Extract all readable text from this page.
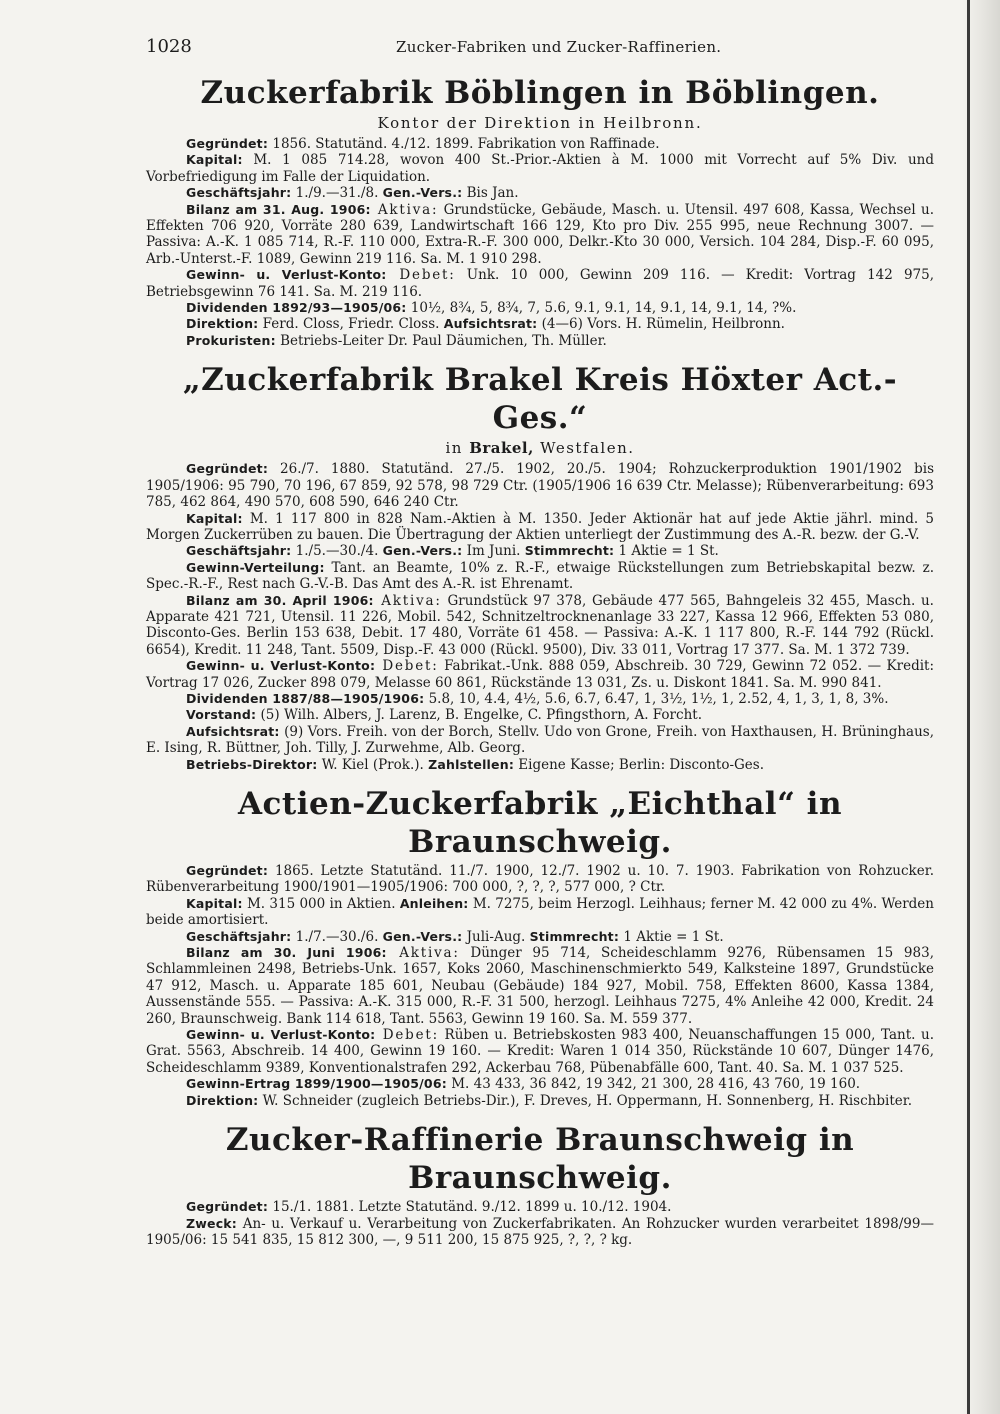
1028	Zucker-Fabriken und Zucker-Raffinerien.
Zuckerfabrik Böblingen in Böblingen.
Kontor der Direktion in Heilbronn.

Gegründet: 1856. Statutänd. 4./12. 1899. Fabrikation von Raffinade.

Kapital: M. 1 085 714.28, wovon 400 St.-Prior.-Aktien à M. 1000 mit Vorrecht auf 5% Div. und Vorbefriedigung im Falle der Liquidation.

Geschäftsjahr: 1./9.—31./8. Gen.-Vers.: Bis Jan.

Bilanz am 31. Aug. 1906: Aktiva: Grundstücke, Gebäude, Masch. u. Utensil. 497 608, Kassa, Wechsel u. Effekten 706 920, Vorräte 280 639, Landwirtschaft 166 129, Kto pro Div. 255 995, neue Rechnung 3007. — Passiva: A.-K. 1 085 714, R.-F. 110 000, Extra-R.-F. 300 000, Delkr.-Kto 30 000, Versich. 104 284, Disp.-F. 60 095, Arb.-Unterst.-F. 1089, Gewinn 219 116. Sa. M. 1 910 298.

Gewinn- u. Verlust-Konto: Debet: Unk. 10 000, Gewinn 209 116. — Kredit: Vortrag 142 975, Betriebsgewinn 76 141. Sa. M. 219 116.

Dividenden 1892/93—1905/06: 10½, 8¾, 5, 8¾, 7, 5.6, 9.1, 9.1, 14, 9.1, 14, 9.1, 14, ?%.

Direktion: Ferd. Closs, Friedr. Closs. Aufsichtsrat: (4—6) Vors. H. Rümelin, Heilbronn.

Prokuristen: Betriebs-Leiter Dr. Paul Däumichen, Th. Müller.

„Zuckerfabrik Brakel Kreis Höxter Act.-Ges.“
in Brakel, Westfalen.

Gegründet: 26./7. 1880. Statutänd. 27./5. 1902, 20./5. 1904; Rohzuckerproduktion 1901/1902 bis 1905/1906: 95 790, 70 196, 67 859, 92 578, 98 729 Ctr. (1905/1906 16 639 Ctr. Melasse); Rübenverarbeitung: 693 785, 462 864, 490 570, 608 590, 646 240 Ctr.

Kapital: M. 1 117 800 in 828 Nam.-Aktien à M. 1350. Jeder Aktionär hat auf jede Aktie jährl. mind. 5 Morgen Zuckerrüben zu bauen. Die Übertragung der Aktien unterliegt der Zustimmung des A.-R. bezw. der G.-V.

Geschäftsjahr: 1./5.—30./4. Gen.-Vers.: Im Juni. Stimmrecht: 1 Aktie = 1 St.

Gewinn-Verteilung: Tant. an Beamte, 10% z. R.-F., etwaige Rückstellungen zum Betriebskapital bezw. z. Spec.-R.-F., Rest nach G.-V.-B. Das Amt des A.-R. ist Ehrenamt.

Bilanz am 30. April 1906: Aktiva: Grundstück 97 378, Gebäude 477 565, Bahngeleis 32 455, Masch. u. Apparate 421 721, Utensil. 11 226, Mobil. 542, Schnitzeltrocknenanlage 33 227, Kassa 12 966, Effekten 53 080, Disconto-Ges. Berlin 153 638, Debit. 17 480, Vorräte 61 458. — Passiva: A.-K. 1 117 800, R.-F. 144 792 (Rückl. 6654), Kredit. 11 248, Tant. 5509, Disp.-F. 43 000 (Rückl. 9500), Div. 33 011, Vortrag 17 377. Sa. M. 1 372 739.

Gewinn- u. Verlust-Konto: Debet: Fabrikat.-Unk. 888 059, Abschreib. 30 729, Gewinn 72 052. — Kredit: Vortrag 17 026, Zucker 898 079, Melasse 60 861, Rückstände 13 031, Zs. u. Diskont 1841. Sa. M. 990 841.

Dividenden 1887/88—1905/1906: 5.8, 10, 4.4, 4½, 5.6, 6.7, 6.47, 1, 3½, 1½, 1, 2.52, 4, 1, 3, 1, 8, 3%.

Vorstand: (5) Wilh. Albers, J. Larenz, B. Engelke, C. Pfingsthorn, A. Forcht.

Aufsichtsrat: (9) Vors. Freih. von der Borch, Stellv. Udo von Grone, Freih. von Haxthausen, H. Brüninghaus, E. Ising, R. Büttner, Joh. Tilly, J. Zurwehme, Alb. Georg.

Betriebs-Direktor: W. Kiel (Prok.). Zahlstellen: Eigene Kasse; Berlin: Disconto-Ges.

Actien-Zuckerfabrik „Eichthal“ in Braunschweig.

Gegründet: 1865. Letzte Statutänd. 11./7. 1900, 12./7. 1902 u. 10. 7. 1903. Fabrikation von Rohzucker. Rübenverarbeitung 1900/1901—1905/1906: 700 000, ?, ?, ?, 577 000, ? Ctr.

Kapital: M. 315 000 in Aktien. Anleihen: M. 7275, beim Herzogl. Leihhaus; ferner M. 42 000 zu 4%. Werden beide amortisiert.

Geschäftsjahr: 1./7.—30./6. Gen.-Vers.: Juli-Aug. Stimmrecht: 1 Aktie = 1 St.

Bilanz am 30. Juni 1906: Aktiva: Dünger 95 714, Scheideschlamm 9276, Rübensamen 15 983, Schlammleinen 2498, Betriebs-Unk. 1657, Koks 2060, Maschinenschmierkto 549, Kalksteine 1897, Grundstücke 47 912, Masch. u. Apparate 185 601, Neubau (Gebäude) 184 927, Mobil. 758, Effekten 8600, Kassa 1384, Aussenstände 555. — Passiva: A.-K. 315 000, R.-F. 31 500, herzogl. Leihhaus 7275, 4% Anleihe 42 000, Kredit. 24 260, Braunschweig. Bank 114 618, Tant. 5563, Gewinn 19 160. Sa. M. 559 377.

Gewinn- u. Verlust-Konto: Debet: Rüben u. Betriebskosten 983 400, Neuanschaffungen 15 000, Tant. u. Grat. 5563, Abschreib. 14 400, Gewinn 19 160. — Kredit: Waren 1 014 350, Rückstände 10 607, Dünger 1476, Scheideschlamm 9389, Konventionalstrafen 292, Ackerbau 768, Pübenabfälle 600, Tant. 40. Sa. M. 1 037 525.

Gewinn-Ertrag 1899/1900—1905/06: M. 43 433, 36 842, 19 342, 21 300, 28 416, 43 760, 19 160.

Direktion: W. Schneider (zugleich Betriebs-Dir.), F. Dreves, H. Oppermann, H. Sonnenberg, H. Rischbiter.

Zucker-Raffinerie Braunschweig in Braunschweig.

Gegründet: 15./1. 1881. Letzte Statutänd. 9./12. 1899 u. 10./12. 1904.

Zweck: An- u. Verkauf u. Verarbeitung von Zuckerfabrikaten. An Rohzucker wurden verarbeitet 1898/99—1905/06: 15 541 835, 15 812 300, —, 9 511 200, 15 875 925, ?, ?, ? kg.
